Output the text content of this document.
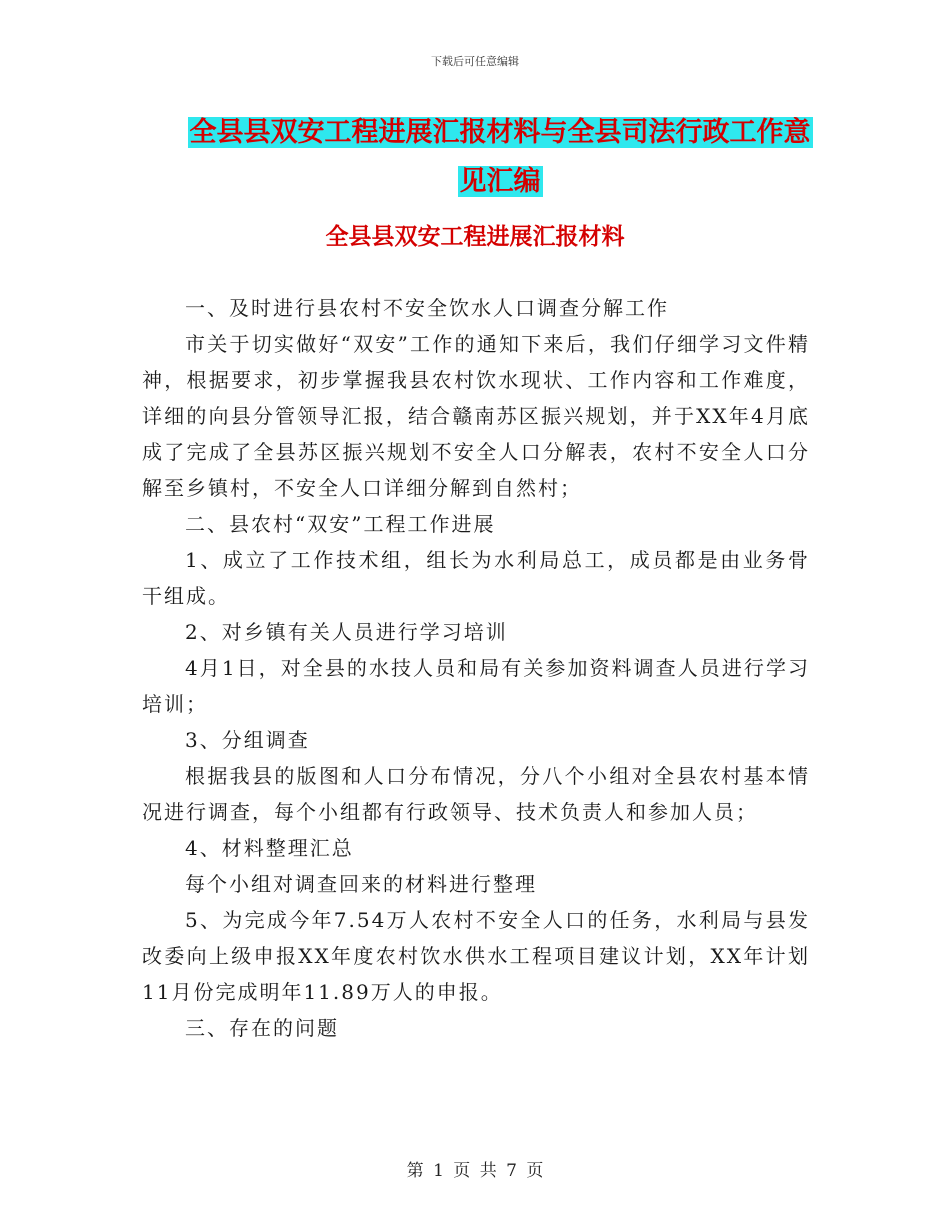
下载后可任意编辑
全县县双安工程进展汇报材料与全县司法行政工作意
见汇编
全县县双安工程进展汇报材料

一、及时进行县农村不安全饮水人口调查分解工作

市关于切实做好“双安”工作的通知下来后，我们仔细学习文件精神，根据要求，初步掌握我县农村饮水现状、工作内容和工作难度，详细的向县分管领导汇报，结合赣南苏区振兴规划，并于XX年4月底成了完成了全县苏区振兴规划不安全人口分解表，农村不安全人口分解至乡镇村，不安全人口详细分解到自然村；

二、县农村“双安”工程工作进展

1、成立了工作技术组，组长为水利局总工，成员都是由业务骨干组成。

2、对乡镇有关人员进行学习培训

4月1日，对全县的水技人员和局有关参加资料调查人员进行学习培训；

3、分组调查

根据我县的版图和人口分布情况，分八个小组对全县农村基本情况进行调查，每个小组都有行政领导、技术负责人和参加人员；

4、材料整理汇总

每个小组对调查回来的材料进行整理

5、为完成今年7.54万人农村不安全人口的任务，水利局与县发改委向上级申报XX年度农村饮水供水工程项目建议计划，XX年计划11月份完成明年11.89万人的申报。

三、存在的问题

第 1 页 共 7 页
